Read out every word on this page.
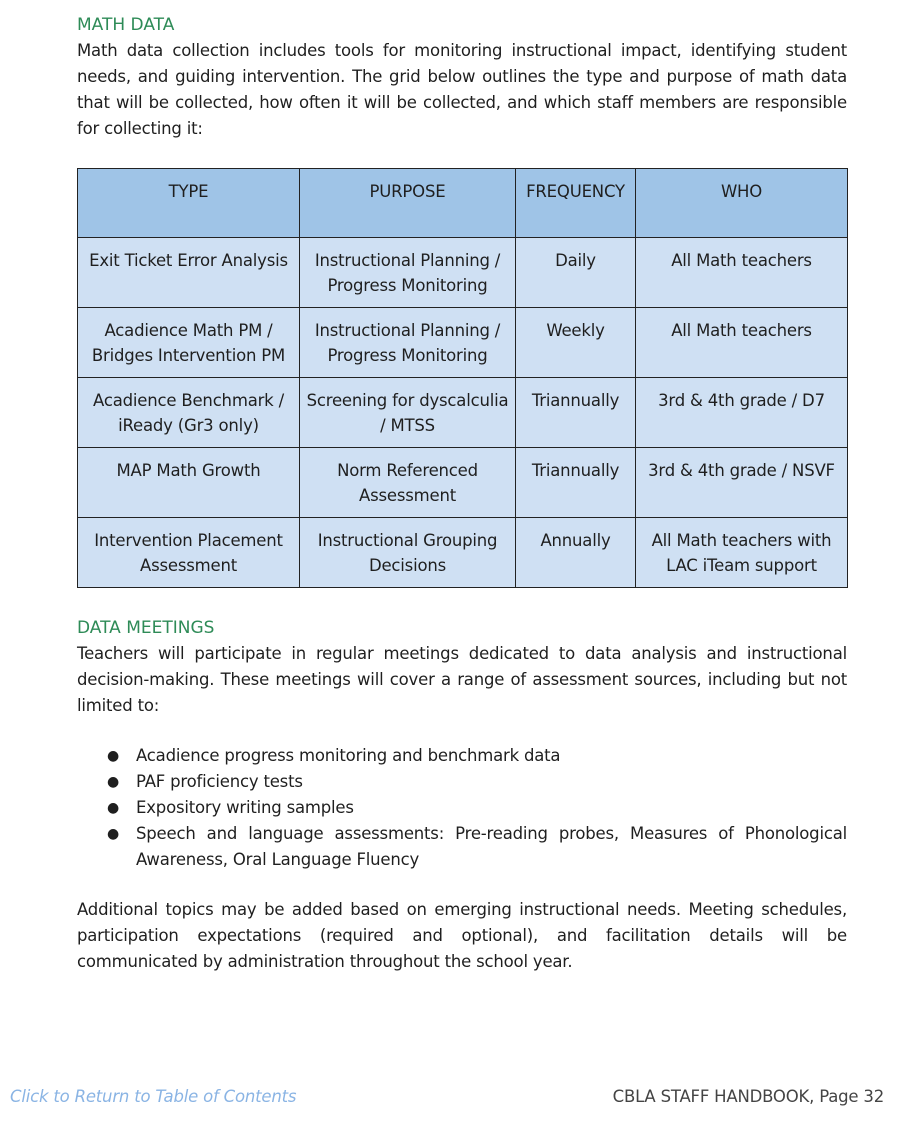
MATH DATA

Math data collection includes tools for monitoring instructional impact, identifying student needs, and guiding intervention. The grid below outlines the type and purpose of math data that will be collected, how often it will be collected, and which staff members are responsible for collecting it:

TYPE	PURPOSE	FREQUENCY	WHO
Exit Ticket Error Analysis	Instructional Planning / Progress Monitoring	Daily	All Math teachers
Acadience Math PM / Bridges Intervention PM	Instructional Planning / Progress Monitoring	Weekly	All Math teachers
Acadience Benchmark / iReady (Gr3 only)	Screening for dyscalculia / MTSS	Triannually	3rd & 4th grade / D7
MAP Math Growth	Norm Referenced Assessment	Triannually	3rd & 4th grade / NSVF
Intervention Placement Assessment	Instructional Grouping Decisions	Annually	All Math teachers with LAC iTeam support
DATA MEETINGS

Teachers will participate in regular meetings dedicated to data analysis and instructional decision-making. These meetings will cover a range of assessment sources, including but not limited to:

● Acadience progress monitoring and benchmark data
● PAF proficiency tests
● Expository writing samples
● Speech and language assessments: Pre-reading probes, Measures of Phonological Awareness, Oral Language Fluency

Additional topics may be added based on emerging instructional needs. Meeting schedules, participation expectations (required and optional), and facilitation details will be communicated by administration throughout the school year.

Click to Return to Table of Contents	CBLA STAFF HANDBOOK, Page 32
